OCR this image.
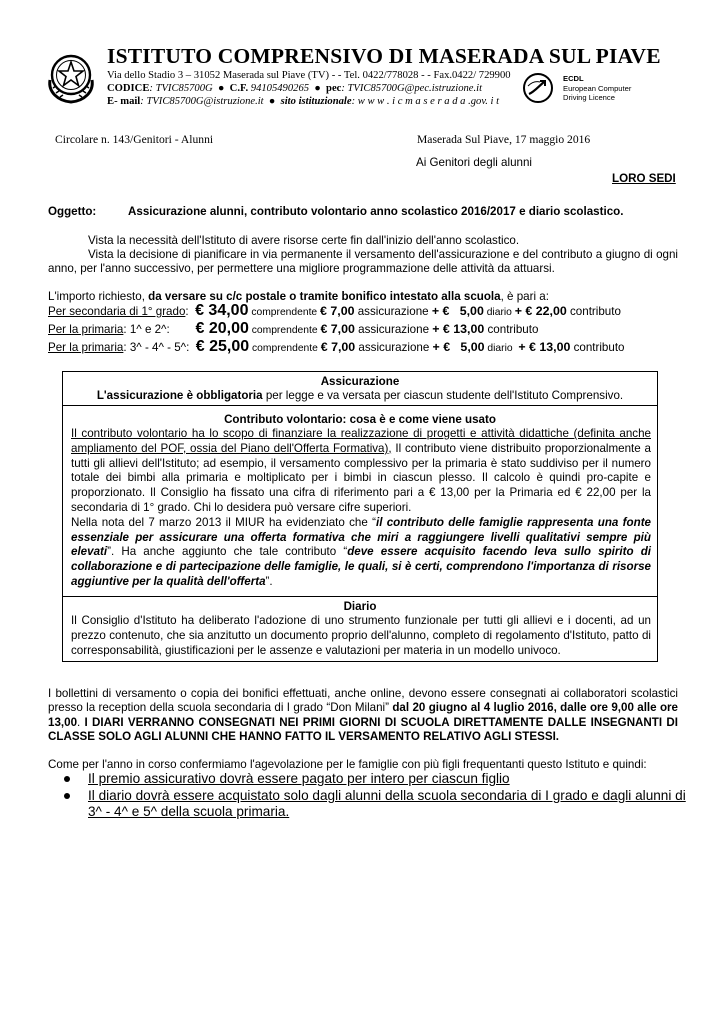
ISTITUTO COMPRENSIVO DI MASERADA SUL PIAVE
Via dello Stadio 3 – 31052 Maserada sul Piave (TV) - - Tel. 0422/778028 - - Fax.0422/ 729900
CODICE: TVIC85700G  ●  C.F. 94105490265  ●  pec: TVIC85700G@pec.istruzione.it
E- mail: TVIC85700G@istruzione.it  ●  sito istituzionale: w w w . i c m a s e r a d a .gov. i t
ECDL
European Computer
Driving Licence
Circolare n. 143/Genitori - Alunni	Maserada Sul Piave, 17 maggio 2016
Ai Genitori degli alunni
LORO SEDI
Oggetto:	Assicurazione alunni, contributo volontario anno scolastico 2016/2017 e diario scolastico.
Vista la necessità dell'Istituto di avere risorse certe fin dall'inizio dell'anno scolastico.
Vista la decisione di pianificare in via permanente il versamento dell'assicurazione e del contributo a giugno di ogni anno, per l'anno successivo, per permettere una migliore programmazione delle attività da attuarsi.
L'importo richiesto, da versare su c/c postale o tramite bonifico intestato alla scuola, è pari a:
Per secondaria di 1° grado:  € 34,00 comprendente € 7,00 assicurazione + €   5,00 diario + € 22,00 contributo
Per la primaria: 1^ e 2^:        € 20,00 comprendente € 7,00 assicurazione + € 13,00 contributo
Per la primaria: 3^ - 4^ - 5^:  € 25,00 comprendente € 7,00 assicurazione + €   5,00 diario  + € 13,00 contributo
Assicurazione
L'assicurazione è obbligatoria per legge e va versata per ciascun studente dell'Istituto Comprensivo.
Contributo volontario: cosa è e come viene usato
Il contributo volontario ha lo scopo di finanziare la realizzazione di progetti e attività didattiche (definita anche ampliamento del POF, ossia del Piano dell'Offerta Formativa), Il contributo viene distribuito proporzionalmente a tutti gli allievi dell'Istituto; ad esempio, il versamento complessivo per la primaria è stato suddiviso per il numero totale dei bimbi alla primaria e moltiplicato per i bimbi in ciascun plesso. Il calcolo è quindi pro-capite e proporzionato. Il Consiglio ha fissato una cifra di riferimento pari a € 13,00 per la Primaria ed € 22,00 per la secondaria di 1° grado. Chi lo desidera può versare cifre superiori.
Nella nota del 7 marzo 2013 il MIUR ha evidenziato che “il contributo delle famiglie rappresenta una fonte essenziale per assicurare una offerta formativa che miri a raggiungere livelli qualitativi sempre più elevati”. Ha anche aggiunto che tale contributo “deve essere acquisito facendo leva sullo spirito di collaborazione e di partecipazione delle famiglie, le quali, si è certi, comprendono l'importanza di risorse aggiuntive per la qualità dell'offerta”.
Diario
Il Consiglio d'Istituto ha deliberato l'adozione di uno strumento funzionale per tutti gli allievi e i docenti, ad un prezzo contenuto, che sia anzitutto un documento proprio dell'alunno, completo di regolamento d'Istituto, patto di corresponsabilità, giustificazioni per le assenze e valutazioni per materia in un modello univoco.
I bollettini di versamento o copia dei bonifici effettuati, anche online, devono essere consegnati ai collaboratori scolastici presso la reception della scuola secondaria di I grado “Don Milani” dal 20 giugno al 4 luglio 2016, dalle ore 9,00 alle ore 13,00. I DIARI VERRANNO CONSEGNATI NEI PRIMI GIORNI DI SCUOLA DIRETTAMENTE DALLE INSEGNANTI DI CLASSE SOLO AGLI ALUNNI CHE HANNO FATTO IL VERSAMENTO RELATIVO AGLI STESSI.
Come per l'anno in corso confermiamo l'agevolazione per le famiglie con più figli frequentanti questo Istituto e quindi:
Il premio assicurativo dovrà essere pagato per intero per ciascun figlio
Il diario dovrà essere acquistato solo dagli alunni della scuola secondaria di I grado e dagli alunni di
3^ - 4^ e 5^ della scuola primaria.
